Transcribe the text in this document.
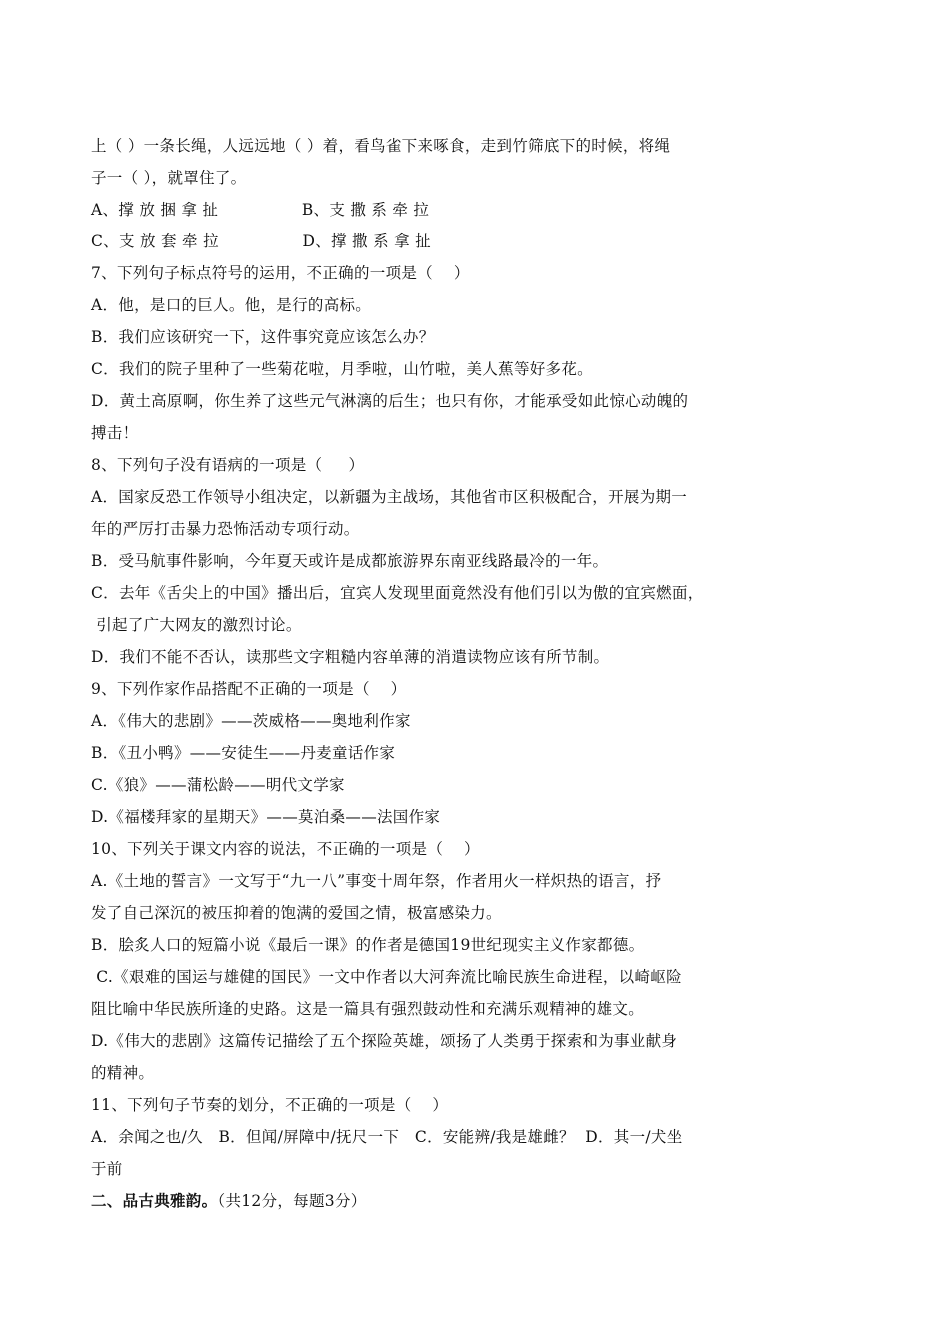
上（ ）一条长绳，人远远地（ ）着，看鸟雀下来啄食，走到竹筛底下的时候，将绳
子一（ ），就罩住了。
A、撑 放 捆 拿 扯                B、支 撒 系 牵 拉
C、支 放 套 牵 拉                D、撑 撒 系 拿 扯
7、下列句子标点符号的运用，不正确的一项是（    ）
A．他，是口的巨人。他，是行的高标。
B．我们应该研究一下，这件事究竟应该怎么办？
C．我们的院子里种了一些菊花啦，月季啦，山竹啦，美人蕉等好多花。
D．黄土高原啊，你生养了这些元气淋漓的后生；也只有你，才能承受如此惊心动魄的
搏击！
8、下列句子没有语病的一项是（     ）
A．国家反恐工作领导小组决定，以新疆为主战场，其他省市区积极配合，开展为期一
年的严厉打击暴力恐怖活动专项行动。
B．受马航事件影响，今年夏天或许是成都旅游界东南亚线路最冷的一年。
C．去年《舌尖上的中国》播出后，宜宾人发现里面竟然没有他们引以为傲的宜宾燃面，
引起了广大网友的激烈讨论。
D．我们不能不否认，读那些文字粗糙内容单薄的消遣读物应该有所节制。
9、下列作家作品搭配不正确的一项是（    ）
A．《伟大的悲剧》——茨威格——奥地利作家
B．《丑小鸭》——安徒生——丹麦童话作家
C.《狼》——蒲松龄——明代文学家
D.《福楼拜家的星期天》——莫泊桑——法国作家
10、下列关于课文内容的说法，不正确的一项是（    ）
A.《土地的誓言》一文写于“九一八”事变十周年祭，作者用火一样炽热的语言，抒
发了自己深沉的被压抑着的饱满的爱国之情，极富感染力。
B．脍炙人口的短篇小说《最后一课》的作者是德国19世纪现实主义作家都德。
C.《艰难的国运与雄健的国民》一文中作者以大河奔流比喻民族生命进程，以崎岖险
阻比喻中华民族所逢的史路。这是一篇具有强烈鼓动性和充满乐观精神的雄文。
D.《伟大的悲剧》这篇传记描绘了五个探险英雄，颂扬了人类勇于探索和为事业献身
的精神。
11、下列句子节奏的划分，不正确的一项是（    ）
A．余闻之也/久   B．但闻/屏障中/抚尺一下   C．安能辨/我是雄雌？  D．其一/犬坐
于前
二、品古典雅韵。（共12分，每题3分）
